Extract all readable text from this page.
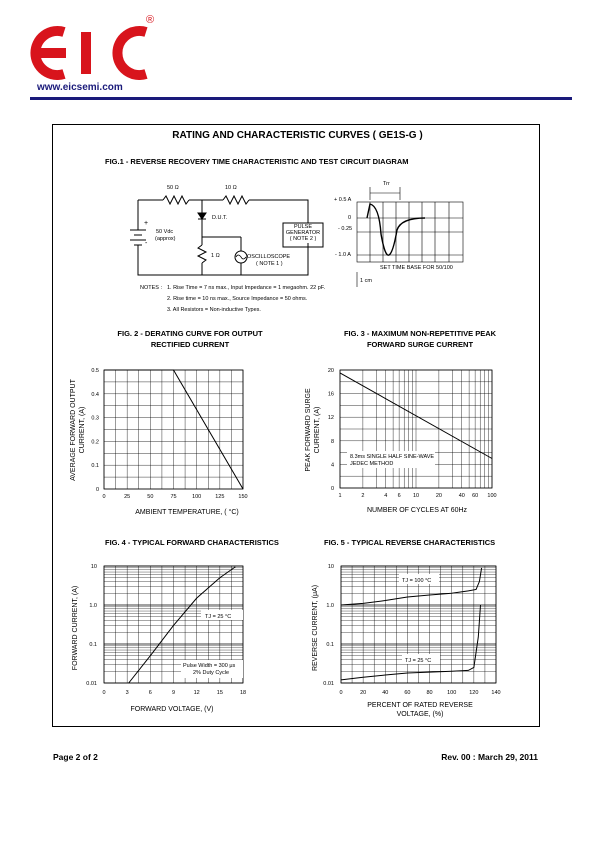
®
www.eicsemi.com
RATING AND CHARACTERISTIC CURVES ( GE1S-G )
FIG.1 - REVERSE RECOVERY TIME CHARACTERISTIC AND TEST CIRCUIT DIAGRAM
50 Ω	10 Ω
D.U.T.
+
-
50 Vdc
(approx)
1 Ω
PULSE
GENERATOR
( NOTE 2 )
OSCILLOSCOPE
( NOTE 1 )
Trr
+ 0.5 A
0
- 0.25
- 1.0 A
SET TIME BASE FOR 50/100
1 cm
NOTES : 1. Rise Time = 7 ns max., Input Impedance = 1 megaohm. 22 pF.
2. Rise time = 10 ns max., Source Impedance = 50 ohms.
3. All Resistors = Non-inductive Types.
FIG. 2 - DERATING CURVE FOR OUTPUT
RECTIFIED CURRENT
FIG. 3 - MAXIMUM NON-REPETITIVE PEAK
FORWARD SURGE CURRENT
0	25	50	75	100	125	150
0
0.1
0.2
0.3
0.4
0.5
AMBIENT TEMPERATURE, ( °C)
AVERAGE FORWARD OUTPUT CURRENT, (A)
1	2	4 6 10	20	40 60 100
0
4
8
12
16
20
8.3ms SINGLE HALF SINE-WAVE
JEDEC METHOD
NUMBER OF CYCLES AT 60Hz
PEAK FORWARD SURGE CURRENT, (A)
FIG. 4 - TYPICAL FORWARD CHARACTERISTICS	FIG. 5 - TYPICAL REVERSE CHARACTERISTICS
0	3	6	9	12	15	18
10
1.0
0.1
0.01
TJ = 25 °C
Pulse Width = 300 μs
2% Duty Cycle
FORWARD VOLTAGE, (V)
FORWARD CURRENT, (A)
0	20	40	60	80	100 120 140
10
1.0
0.1
0.01
TJ = 100 °C
TJ = 25 °C
PERCENT OF RATED REVERSE
VOLTAGE, (%)
REVERSE CURRENT, (μA)
Page 2 of 2	Rev. 00 : March 29, 2011
